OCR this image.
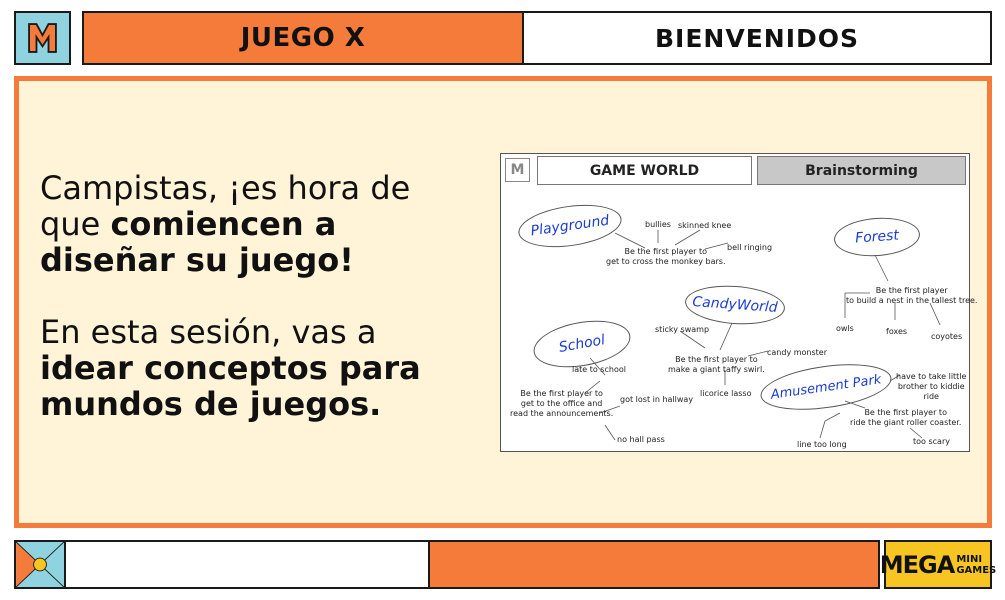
JUEGO X	BIENVENIDOS

Campistas, ¡es hora de que comiencen a diseñar su juego!

En esta sesión, vas a idear conceptos para mundos de juegos.

M	GAME WORLD	Brainstorming
Playground	Forest
CandyWorld
School
Amusement Park
bullies skinned knee
bell ringing
Be the first player to
get to cross the monkey bars.
Be the first player
to build a nest in the tallest tree.
owls	foxes
coyotes
sticky swamp
Be the first player to
make a giant taffy swirl.
candy monster
licorice lasso
late to school
Be the first player to
get to the office and
read the announcements.
got lost in hallway
no hall pass
have to take little
brother to kiddie
ride
Be the first player to
ride the giant roller coaster.
line too long	too scary
MEGA MINI
GAMES
